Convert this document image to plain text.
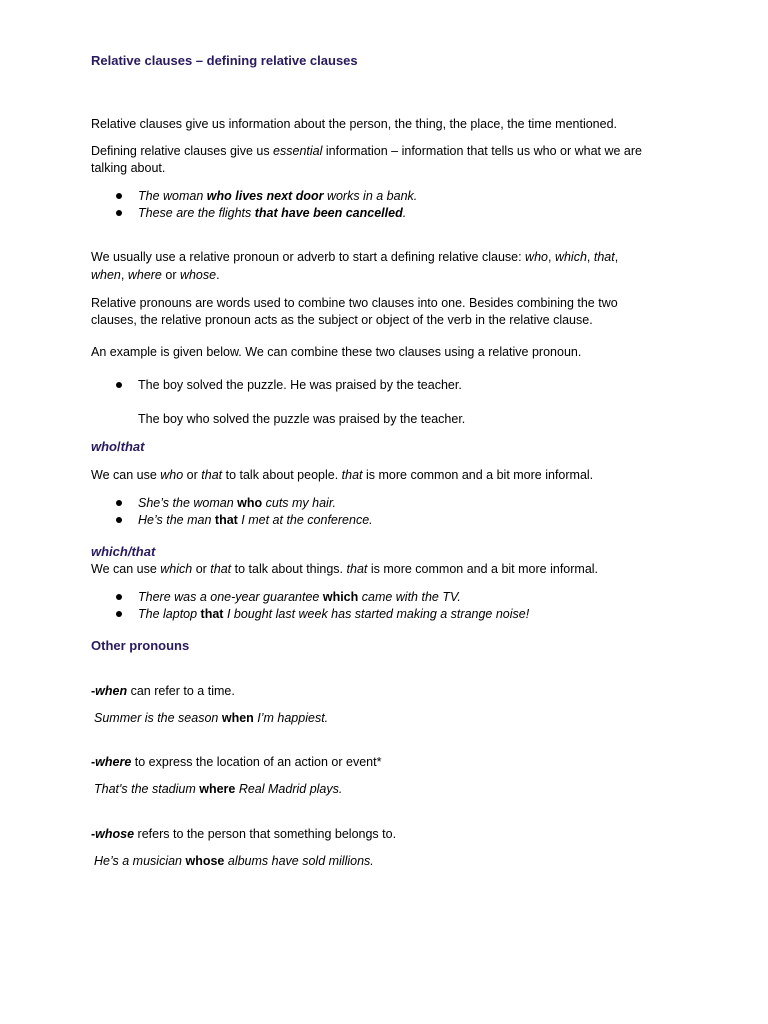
Relative clauses – defining relative clauses
Relative clauses give us information about the person, the thing, the place, the time mentioned.
Defining relative clauses give us essential information – information that tells us who or what we are
talking about.
The woman who lives next door works in a bank.
These are the flights that have been cancelled.
We usually use a relative pronoun or adverb to start a defining relative clause: who, which, that,
when, where or whose.
Relative pronouns are words used to combine two clauses into one. Besides combining the two
clauses, the relative pronoun acts as the subject or object of the verb in the relative clause.
An example is given below. We can combine these two clauses using a relative pronoun.
The boy solved the puzzle. He was praised by the teacher.
The boy who solved the puzzle was praised by the teacher.
who/that
We can use who or that to talk about people. that is more common and a bit more informal.
She’s the woman who cuts my hair.
He’s the man that I met at the conference.
which/that
We can use which or that to talk about things. that is more common and a bit more informal.
There was a one-year guarantee which came with the TV.
The laptop that I bought last week has started making a strange noise!
Other pronouns
-when can refer to a time.
Summer is the season when I’m happiest.
-where to express the location of an action or event*
That's the stadium where Real Madrid plays.
-whose refers to the person that something belongs to.
He’s a musician whose albums have sold millions.
